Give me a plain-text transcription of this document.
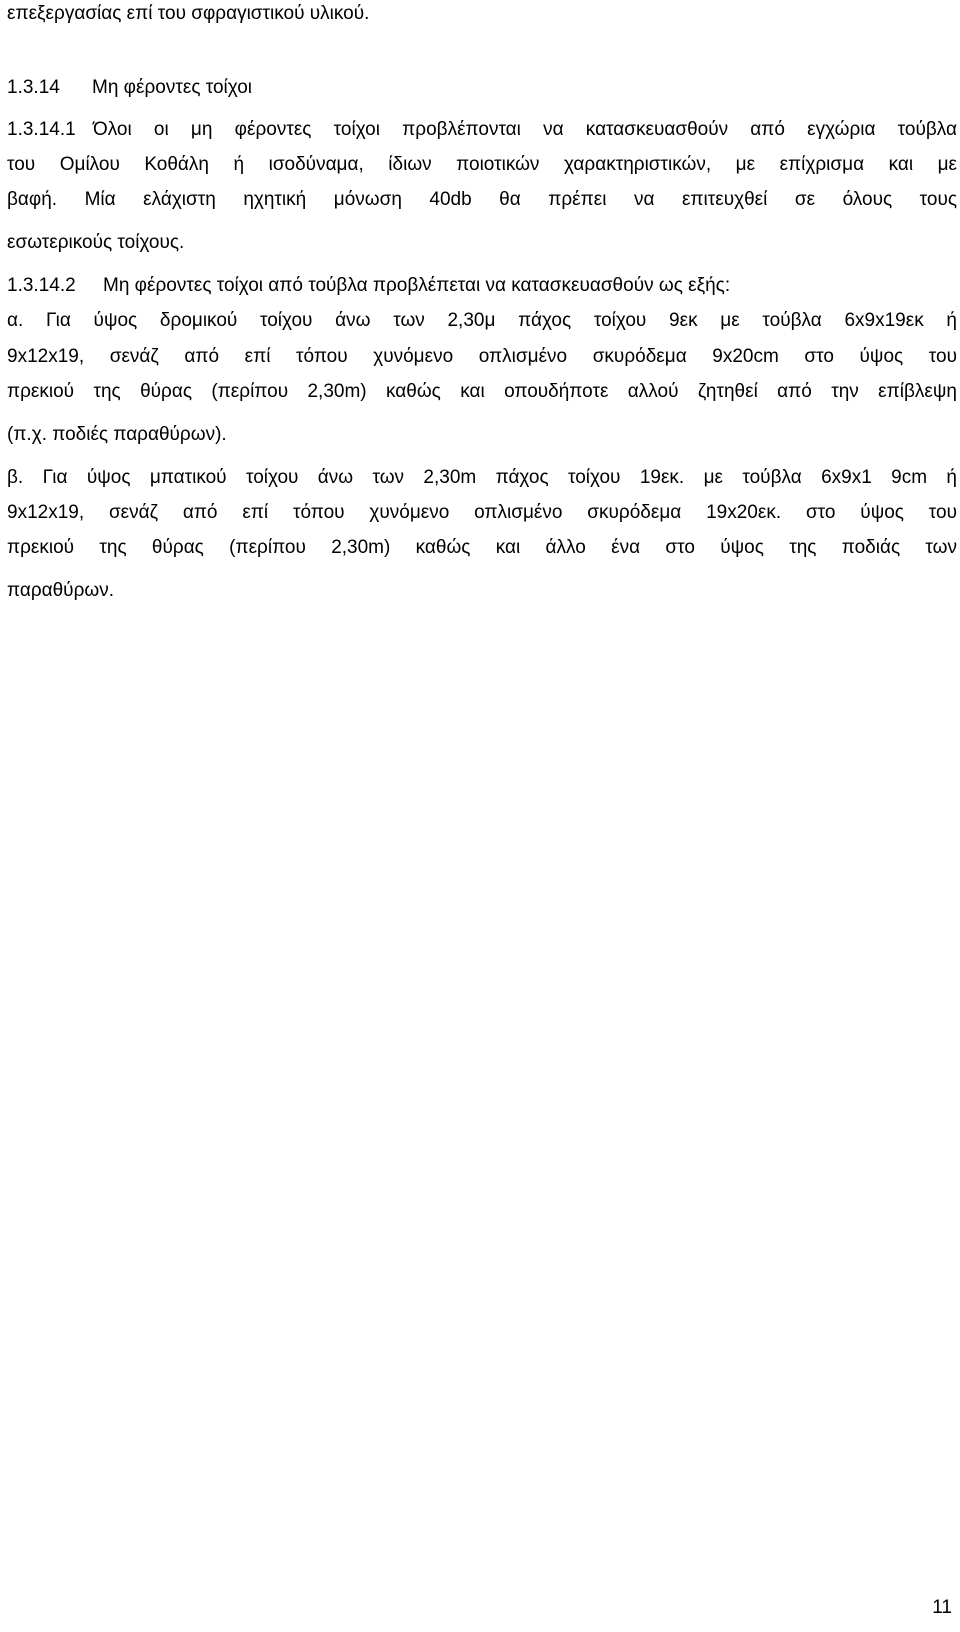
επεξεργασίας επί του σφραγιστικού υλικού.
1.3.14 Μη φέροντες τοίχοι
1.3.14.1 Όλοι οι μη φέροντες τοίχοι προβλέπονται να κατασκευασθούν από εγχώρια τούβλα
του Ομίλου Κοθάλη ή ισοδύναμα, ίδιων ποιοτικών χαρακτηριστικών, με επίχρισμα και με
βαφή. Μία ελάχιστη ηχητική μόνωση 40db θα πρέπει να επιτευχθεί σε όλους τους
εσωτερικούς τοίχους.
1.3.14.2 Μη φέροντες τοίχοι από τούβλα προβλέπεται να κατασκευασθούν ως εξής:
α. Για ύψος δρομικού τοίχου άνω των 2,30μ πάχος τοίχου 9εκ με τούβλα 6x9x19εκ ή
9x12x19, σενάζ από επί τόπου χυνόμενο οπλισμένο σκυρόδεμα 9x20cm στο ύψος του
πρεκιού της θύρας (περίπου 2,30m) καθώς και οπουδήποτε αλλού ζητηθεί από την επίβλεψη
(π.χ. ποδιές παραθύρων).
β. Για ύψος μπατικού τοίχου άνω των 2,30m πάχος τοίχου 19εκ. με τούβλα 6x9x1 9cm ή
9x12x19, σενάζ από επί τόπου χυνόμενο οπλισμένο σκυρόδεμα 19x20εκ. στο ύψος του
πρεκιού της θύρας (περίπου 2,30m) καθώς και άλλο ένα στο ύψος της ποδιάς των
παραθύρων.
11
